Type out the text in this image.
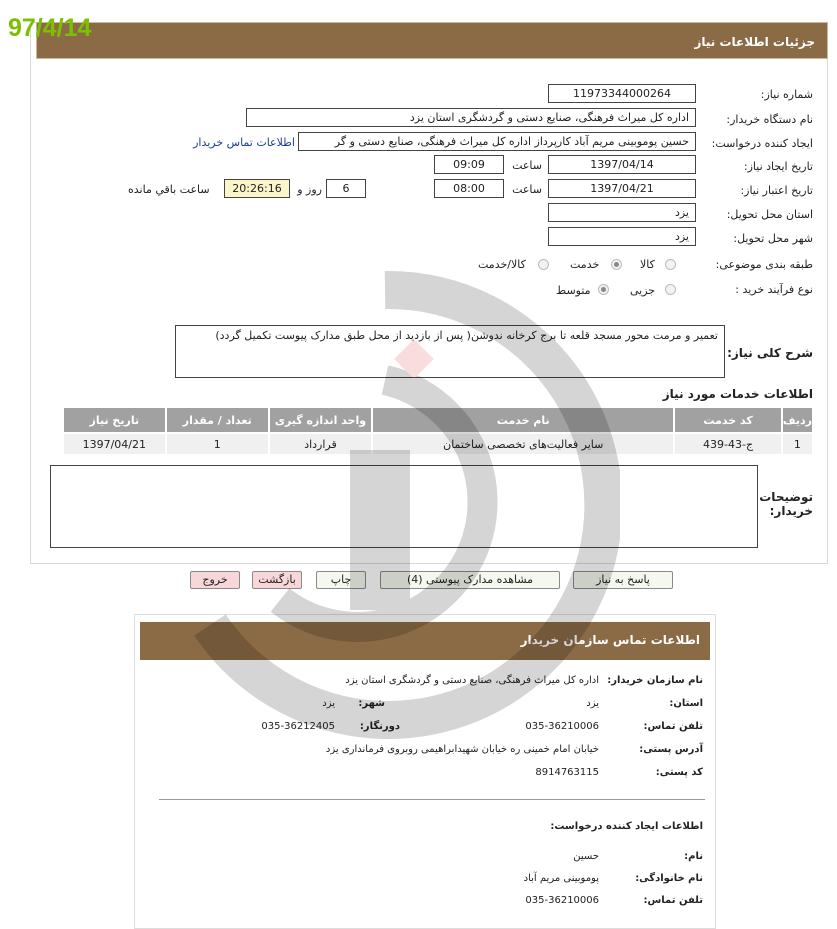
97/4/14	جزئیات اطلاعات نیاز
شماره نیاز:
11973344000264
نام دستگاه خریدار:
اداره کل میراث فرهنگی، صنایع دستی و گردشگری استان یزد
ایجاد کننده درخواست:
حسین پوموبینی مریم آباد کارپرداز اداره کل میراث فرهنگی، صنایع دستی و گر
اطلاعات تماس خریدار
تاریخ ایجاد نیاز:
1397/04/14
ساعت
09:09
تاریخ اعتبار نیاز:
1397/04/21
ساعت
08:00
6
روز و
20:26:16
ساعت باقي مانده
استان محل تحویل:
یزد
شهر محل تحویل:
یزد
طبقه بندی موضوعی:
کالا
خدمت
کالا/خدمت
نوع فرآیند خرید :
جزیی
متوسط
شرح کلی نیاز:
تعمیر و مرمت محور مسجد قلعه تا برج کرخانه ندوشن( پس از بازدید از محل طبق مدارک پیوست تکمیل گردد)
اطلاعات خدمات مورد نیاز
ردیف	کد خدمت	نام خدمت	واحد اندازه گیری	تعداد / مقدار	تاریخ نیاز
1	ج-43-439	سایر فعالیت‌های تخصصی ساختمان	قرارداد	1	1397/04/21
توضیحات خریدار:
پاسخ به نیاز
مشاهده مدارک پیوستی (4)
چاپ
بازگشت
خروج
اطلاعات تماس سازمان خریدار
نام سازمان خریدار:
اداره کل میراث فرهنگی، صنایع دستی و گردشگری استان یزد
استان:
یزد
شهر:
یزد
تلفن تماس:
035-36210006
دورنگار:
035-36212405
آدرس پستی:
خیابان امام خمینی ره خیابان شهیدابراهیمی روبروی فرمانداری یزد
کد پستی:
8914763115
اطلاعات ایجاد کننده درخواست:
نام:
حسین
نام خانوادگی:
پوموبینی مریم آباد
تلفن تماس:
035-36210006
